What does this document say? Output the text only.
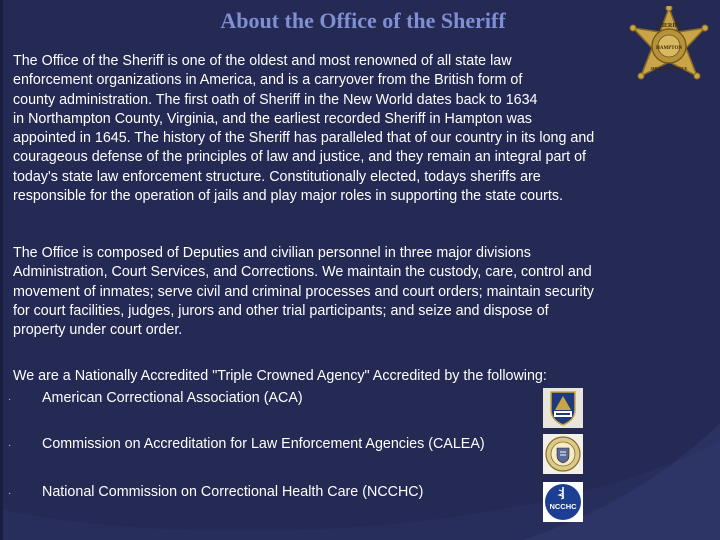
About the Office of the Sheriff	SHERIFF
HAMPTON
SHERIFF'S OFFICE

The Office of the Sheriff is one of the oldest and most renowned of all state law
enforcement organizations in America, and is a carryover from the British form of
county administration. The first oath of Sheriff in the New World dates back to 1634
in Northampton County, Virginia, and the earliest recorded Sheriff in Hampton was
appointed in 1645. The history of the Sheriff has paralleled that of our country in its long and
courageous defense of the principles of law and justice, and they remain an integral part of
today's state law enforcement structure. Constitutionally elected, todays sheriffs are
responsible for the operation of jails and play major roles in supporting the state courts.

The Office is composed of Deputies and civilian personnel in three major divisions
Administration, Court Services, and Corrections. We maintain the custody, care, control and
movement of inmates; serve civil and criminal processes and court orders; maintain security
for court facilities, judges, jurors and other trial participants; and seize and dispose of
property under court order.

We are a Nationally Accredited "Triple Crowned Agency" Accredited by the following:

· American Correctional Association (ACA)
· Commission on Accreditation for Law Enforcement Agencies (CALEA)
· National Commission on Correctional Health Care (NCCHC)
NCCHC
